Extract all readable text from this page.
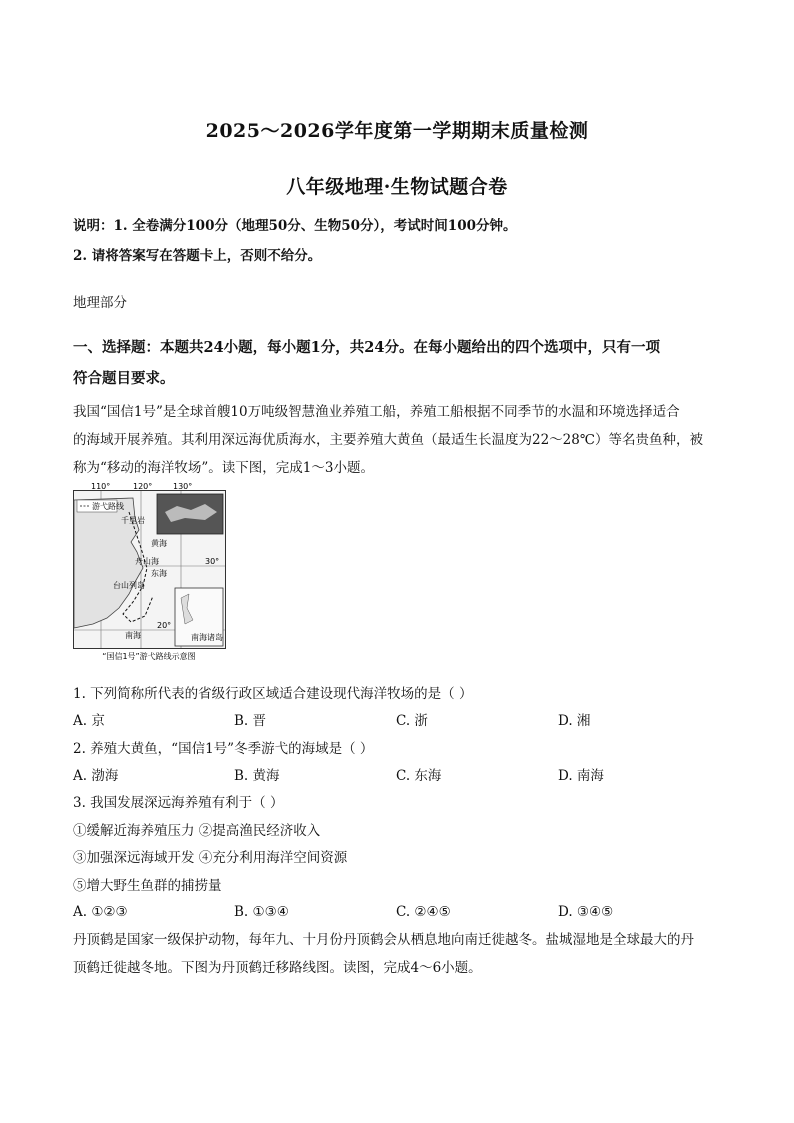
2025～2026学年度第一学期期末质量检测
八年级地理·生物试题合卷
说明：1. 全卷满分100分（地理50分、生物50分），考试时间100分钟。
2. 请将答案写在答题卡上，否则不给分。
地理部分
一、选择题：本题共24小题，每小题1分，共24分。在每小题给出的四个选项中，只有一项
符合题目要求。
我国“国信1号”是全球首艘10万吨级智慧渔业养殖工船，养殖工船根据不同季节的水温和环境选择适合
的海域开展养殖。其利用深远海优质海水，主要养殖大黄鱼（最适生长温度为22～28℃）等名贵鱼种，被
称为“移动的海洋牧场”。读下图，完成1～3小题。
游弋路线
110°	120°	130°
30°
20°
千里岩
黄海
舟山海
东海
台山列岛
南海	南海诸岛
“国信1号”游弋路线示意图
1. 下列简称所代表的省级行政区域适合建设现代海洋牧场的是（ ）
A. 京	B. 晋	C. 浙	D. 湘
2. 养殖大黄鱼，“国信1号”冬季游弋的海域是（ ）
A. 渤海	B. 黄海	C. 东海	D. 南海
3. 我国发展深远海养殖有利于（ ）
①缓解近海养殖压力 ②提高渔民经济收入
③加强深远海域开发 ④充分利用海洋空间资源
⑤增大野生鱼群的捕捞量
A. ①②③	B. ①③④	C. ②④⑤	D. ③④⑤
丹顶鹤是国家一级保护动物，每年九、十月份丹顶鹤会从栖息地向南迁徙越冬。盐城湿地是全球最大的丹
顶鹤迁徙越冬地。下图为丹顶鹤迁移路线图。读图，完成4～6小题。
